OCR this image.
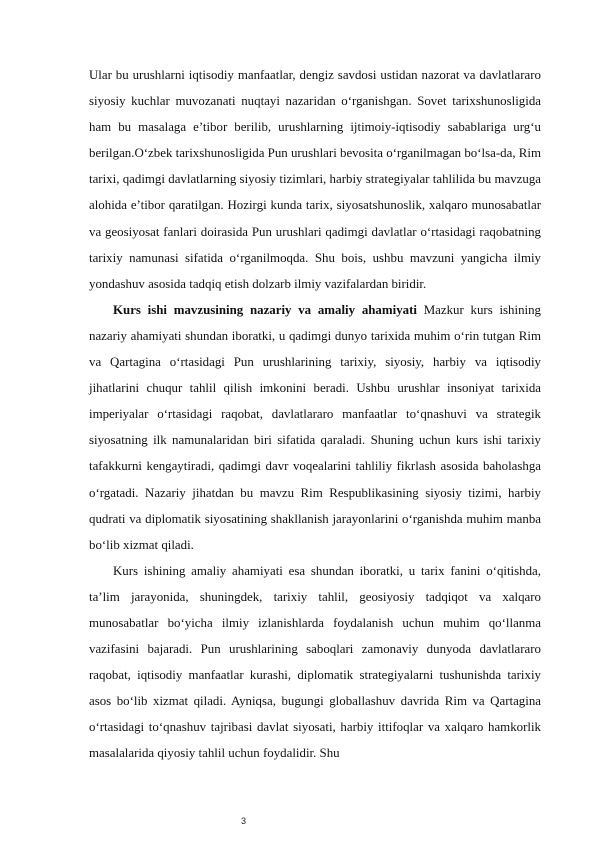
Ular bu urushlarni iqtisodiy manfaatlar, dengiz savdosi ustidan nazorat va davlatlararo siyosiy kuchlar muvozanati nuqtayi nazaridan o‘rganishgan. Sovet tarixshunosligida ham bu masalaga e’tibor berilib, urushlarning ijtimoiy-iqtisodiy sabablariga urg‘u berilgan.O‘zbek tarixshunosligida Pun urushlari bevosita o‘rganilmagan bo‘lsa-da, Rim tarixi, qadimgi davlatlarning siyosiy tizimlari, harbiy strategiyalar tahlilida bu mavzuga alohida e’tibor qaratilgan. Hozirgi kunda tarix, siyosatshunoslik, xalqaro munosabatlar va geosiyosat fanlari doirasida Pun urushlari qadimgi davlatlar o‘rtasidagi raqobatning tarixiy namunasi sifatida o‘rganilmoqda. Shu bois, ushbu mavzuni yangicha ilmiy yondashuv asosida tadqiq etish dolzarb ilmiy vazifalardan biridir.

Kurs ishi mavzusining nazariy va amaliy ahamiyati Mazkur kurs ishining nazariy ahamiyati shundan iboratki, u qadimgi dunyo tarixida muhim o‘rin tutgan Rim va Qartagina o‘rtasidagi Pun urushlarining tarixiy, siyosiy, harbiy va iqtisodiy jihatlarini chuqur tahlil qilish imkonini beradi. Ushbu urushlar insoniyat tarixida imperiyalar o‘rtasidagi raqobat, davlatlararo manfaatlar to‘qnashuvi va strategik siyosatning ilk namunalaridan biri sifatida qaraladi. Shuning uchun kurs ishi tarixiy tafakkurni kengaytiradi, qadimgi davr voqealarini tahliliy fikrlash asosida baholashga o‘rgatadi. Nazariy jihatdan bu mavzu Rim Respublikasining siyosiy tizimi, harbiy qudrati va diplomatik siyosatining shakllanish jarayonlarini o‘rganishda muhim manba bo‘lib xizmat qiladi.

Kurs ishining amaliy ahamiyati esa shundan iboratki, u tarix fanini o‘qitishda, ta’lim jarayonida, shuningdek, tarixiy tahlil, geosiyosiy tadqiqot va xalqaro munosabatlar bo‘yicha ilmiy izlanishlarda foydalanish uchun muhim qo‘llanma vazifasini bajaradi. Pun urushlarining saboqlari zamonaviy dunyoda davlatlararo raqobat, iqtisodiy manfaatlar kurashi, diplomatik strategiyalarni tushunishda tarixiy asos bo‘lib xizmat qiladi. Ayniqsa, bugungi globallashuv davrida Rim va Qartagina o‘rtasidagi to‘qnashuv tajribasi davlat siyosati, harbiy ittifoqlar va xalqaro hamkorlik masalalarida qiyosiy tahlil uchun foydalidir. Shu

3
